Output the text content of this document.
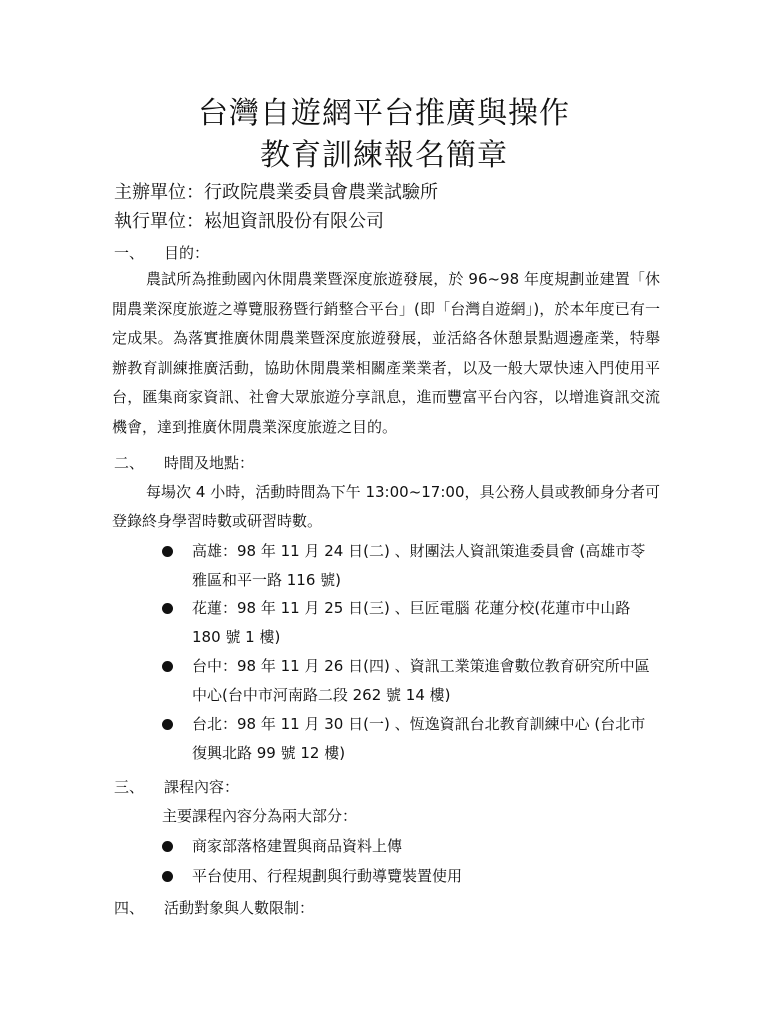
台灣自遊網平台推廣與操作
教育訓練報名簡章
主辦單位：行政院農業委員會農業試驗所
執行單位：崧旭資訊股份有限公司
一、 目的：
農試所為推動國內休閒農業暨深度旅遊發展，於 96~98 年度規劃並建置「休閒農業深度旅遊之導覽服務暨行銷整合平台」(即「台灣自遊網」)，於本年度已有一定成果。為落實推廣休閒農業暨深度旅遊發展，並活絡各休憩景點週邊產業，特舉辦教育訓練推廣活動，協助休閒農業相關產業業者，以及一般大眾快速入門使用平台，匯集商家資訊、社會大眾旅遊分享訊息，進而豐富平台內容，以增進資訊交流機會，達到推廣休閒農業深度旅遊之目的。
二、 時間及地點：
每場次 4 小時，活動時間為下午 13:00~17:00，具公務人員或教師身分者可登錄終身學習時數或研習時數。
高雄：98 年 11 月 24 日(二) 、財團法人資訊策進委員會 (高雄市苓雅區和平一路 116 號)
花蓮：98 年 11 月 25 日(三) 、巨匠電腦 花蓮分校(花蓮市中山路 180 號 1 樓)
台中：98 年 11 月 26 日(四) 、資訊工業策進會數位教育研究所中區中心(台中市河南路二段 262 號 14 樓)
台北：98 年 11 月 30 日(一) 、恆逸資訊台北教育訓練中心 (台北市復興北路 99 號 12 樓)
三、 課程內容：
主要課程內容分為兩大部分：
商家部落格建置與商品資料上傳
平台使用、行程規劃與行動導覽裝置使用
四、 活動對象與人數限制：
